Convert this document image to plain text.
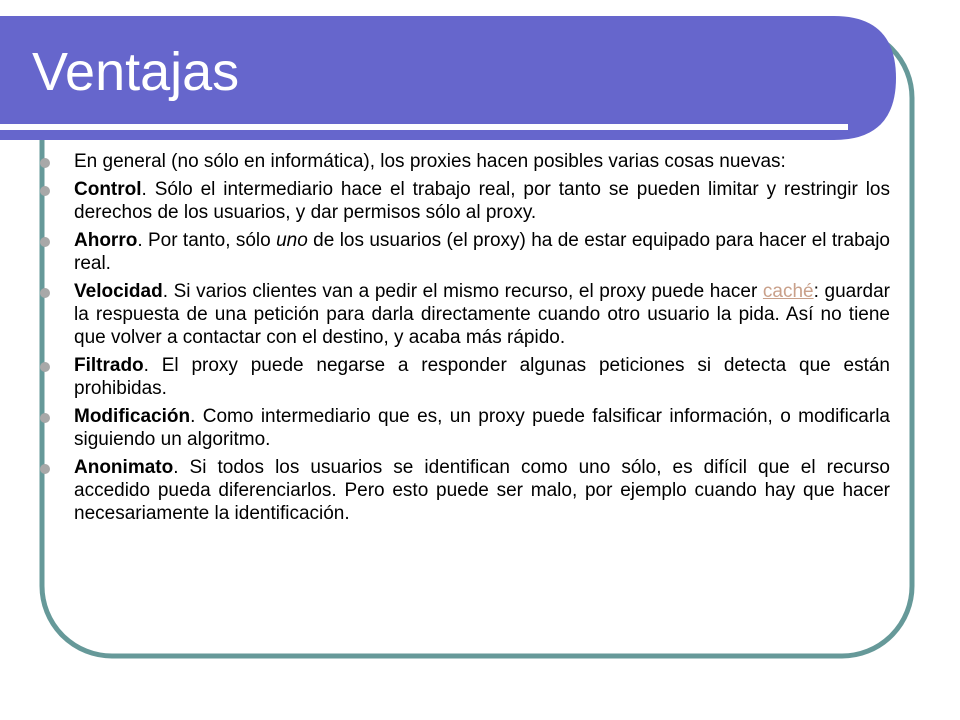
Ventajas
En general (no sólo en informática), los proxies hacen posibles varias cosas nuevas:
Control. Sólo el intermediario hace el trabajo real, por tanto se pueden limitar y restringir los derechos de los usuarios, y dar permisos sólo al proxy.
Ahorro. Por tanto, sólo uno de los usuarios (el proxy) ha de estar equipado para hacer el trabajo real.
Velocidad. Si varios clientes van a pedir el mismo recurso, el proxy puede hacer caché: guardar la respuesta de una petición para darla directamente cuando otro usuario la pida. Así no tiene que volver a contactar con el destino, y acaba más rápido.
Filtrado. El proxy puede negarse a responder algunas peticiones si detecta que están prohibidas.
Modificación. Como intermediario que es, un proxy puede falsificar información, o modificarla siguiendo un algoritmo.
Anonimato. Si todos los usuarios se identifican como uno sólo, es difícil que el recurso accedido pueda diferenciarlos. Pero esto puede ser malo, por ejemplo cuando hay que hacer necesariamente la identificación.
